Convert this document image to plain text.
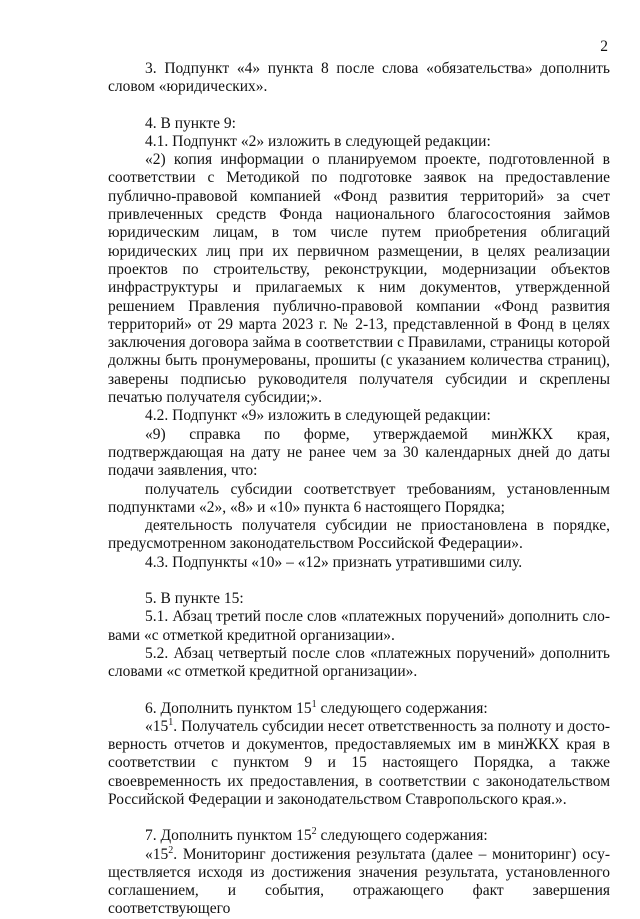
2

3. Подпункт «4» пункта 8 после слова «обязательства» дополнить словом «юридических».

4. В пункте 9:

4.1. Подпункт «2» изложить в следующей редакции:

«2) копия информации о планируемом проекте, подготовленной в соответствии с Методикой по подготовке заявок на предоставление публично-правовой компанией «Фонд развития территорий» за счет привлеченных средств Фонда национального благосостояния займов юридическим лицам, в том числе путем приобретения облигаций юридических лиц при их первичном размещении, в целях реализации проектов по строительству, реконструкции, модернизации объектов инфраструктуры и прилагаемых к ним документов, утвержденной решением Правления публично-правовой компании «Фонд развития территорий» от 29 марта 2023 г. № 2-13, представленной в Фонд в целях заключения договора займа в соответствии с Правилами, страницы которой должны быть пронумерованы, прошиты (с указанием количества страниц), заверены подписью руководителя получателя субсидии и скреплены печатью получателя субсидии;».

4.2. Подпункт «9» изложить в следующей редакции:

«9) справка по форме, утверждаемой минЖКХ края, подтверждающая на дату не ранее чем за 30 календарных дней до даты подачи заявления, что:

получатель субсидии соответствует требованиям, установленным подпунктами «2», «8» и «10» пункта 6 настоящего Порядка;

деятельность получателя субсидии не приостановлена в порядке, предусмотренном законодательством Российской Федерации».

4.3. Подпункты «10» – «12» признать утратившими силу.

5. В пункте 15:

5.1. Абзац третий после слов «платежных поручений» дополнить словами «с отметкой кредитной организации».

5.2. Абзац четвертый после слов «платежных поручений» дополнить словами «с отметкой кредитной организации».

6. Дополнить пунктом $15^1$ следующего содержания:

«$15^1$. Получатель субсидии несет ответственность за полноту и достоверность отчетов и документов, предоставляемых им в минЖКХ края в соответствии с пунктом 9 и 15 настоящего Порядка, а также своевременность их предоставления, в соответствии с законодательством Российской Федерации и законодательством Ставропольского края.».

7. Дополнить пунктом $15^2$ следующего содержания:

«$15^2$. Мониторинг достижения результата (далее – мониторинг) осуществляется исходя из достижения значения результата, установленного соглашением, и события, отражающего факт завершения соответствующего
